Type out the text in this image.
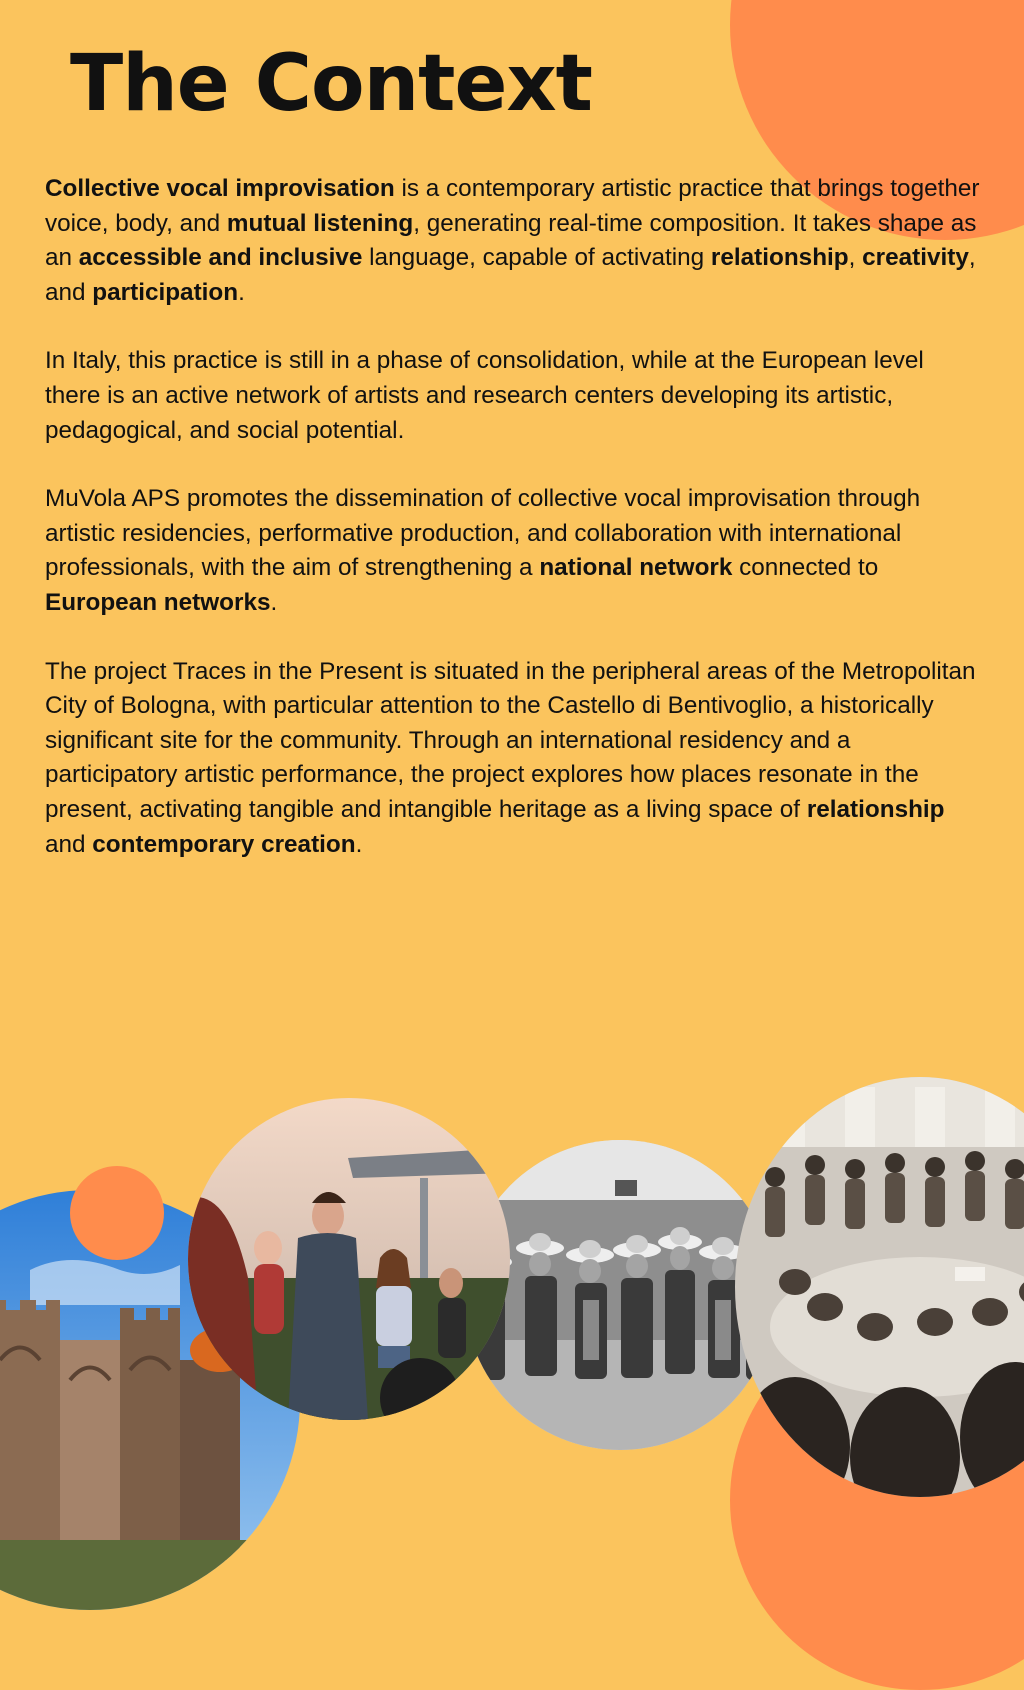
The Context

Collective vocal improvisation is a contemporary artistic practice that brings together voice, body, and mutual listening, generating real-time composition. It takes shape as an accessible and inclusive language, capable of activating relationship, creativity, and participation.

In Italy, this practice is still in a phase of consolidation, while at the European level there is an active network of artists and research centers developing its artistic, pedagogical, and social potential.

MuVola APS promotes the dissemination of collective vocal improvisation through artistic residencies, performative production, and collaboration with international professionals, with the aim of strengthening a national network connected to European networks.

The project Traces in the Present is situated in the peripheral areas of the Metropolitan City of Bologna, with particular attention to the Castello di Bentivoglio, a historically significant site for the community. Through an international residency and a participatory artistic performance, the project explores how places resonate in the present, activating tangible and intangible heritage as a living space of relationship and contemporary creation.
